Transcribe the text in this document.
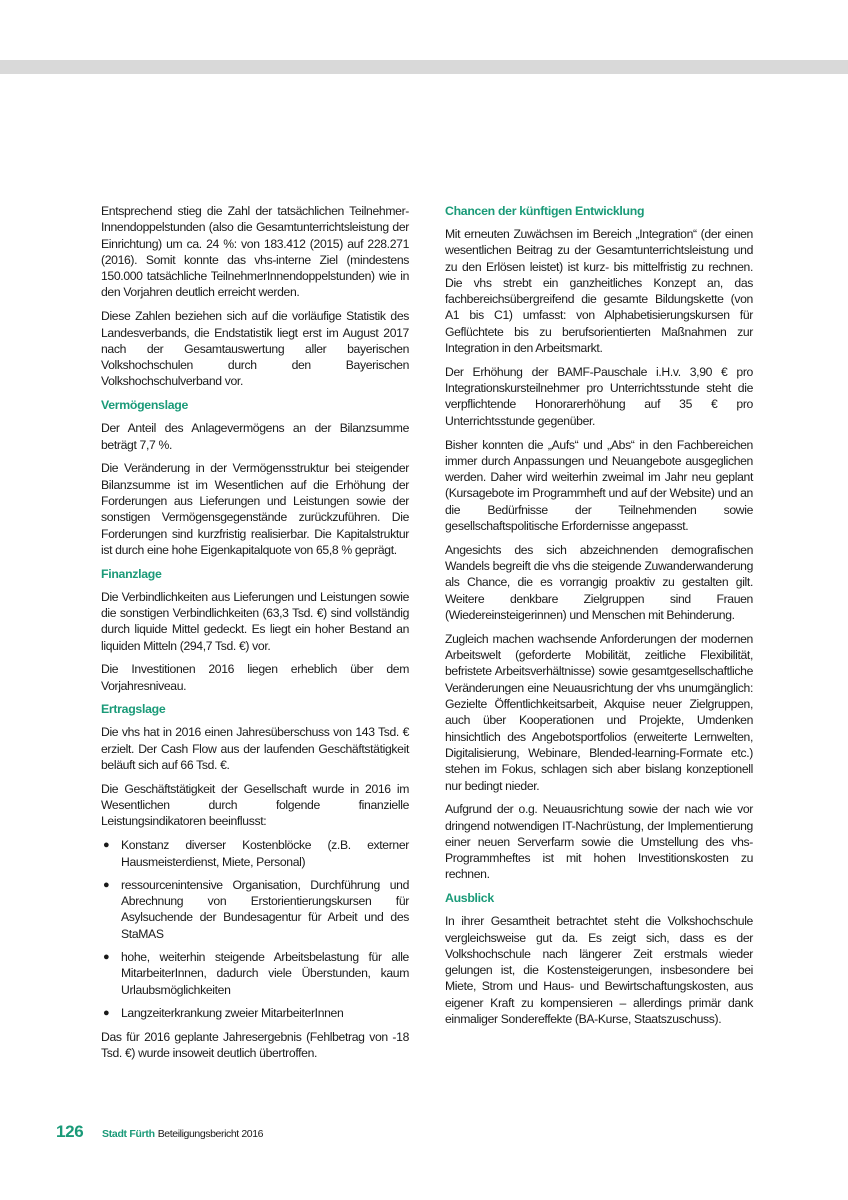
Entsprechend stieg die Zahl der tatsächlichen Teilnehmer-Innendoppelstunden (also die Gesamtunterrichtsleistung der Einrichtung) um ca. 24 %: von 183.412 (2015) auf 228.271 (2016). Somit konnte das vhs-interne Ziel (mindestens 150.000 tatsächliche TeilnehmerInnendoppelstunden) wie in den Vorjahren deutlich erreicht werden.

Diese Zahlen beziehen sich auf die vorläufige Statistik des Landesverbands, die Endstatistik liegt erst im August 2017 nach der Gesamtauswertung aller bayerischen Volkshochschulen durch den Bayerischen Volkshochschulverband vor.

Vermögenslage

Der Anteil des Anlagevermögens an der Bilanzsumme beträgt 7,7 %.

Die Veränderung in der Vermögensstruktur bei steigender Bilanzsumme ist im Wesentlichen auf die Erhöhung der Forderungen aus Lieferungen und Leistungen sowie der sonstigen Vermögensgegenstände zurückzuführen. Die Forderungen sind kurzfristig realisierbar. Die Kapitalstruktur ist durch eine hohe Eigenkapitalquote von 65,8 % geprägt.

Finanzlage

Die Verbindlichkeiten aus Lieferungen und Leistungen sowie die sonstigen Verbindlichkeiten (63,3 Tsd. €) sind vollständig durch liquide Mittel gedeckt. Es liegt ein hoher Bestand an liquiden Mitteln (294,7 Tsd. €) vor.

Die Investitionen 2016 liegen erheblich über dem Vorjahresniveau.

Ertragslage

Die vhs hat in 2016 einen Jahresüberschuss von 143 Tsd. € erzielt. Der Cash Flow aus der laufenden Geschäftstätigkeit beläuft sich auf 66 Tsd. €.

Die Geschäftstätigkeit der Gesellschaft wurde in 2016 im Wesentlichen durch folgende finanzielle Leistungsindikatoren beeinflusst:

● Konstanz diverser Kostenblöcke (z.B. externer Hausmeisterdienst, Miete, Personal)
● ressourcenintensive Organisation, Durchführung und Abrechnung von Erstorientierungskursen für Asylsuchende der Bundesagentur für Arbeit und des StaMAS
● hohe, weiterhin steigende Arbeitsbelastung für alle MitarbeiterInnen, dadurch viele Überstunden, kaum Urlaubsmöglichkeiten
● Langzeiterkrankung zweier MitarbeiterInnen

Das für 2016 geplante Jahresergebnis (Fehlbetrag von -18 Tsd. €) wurde insoweit deutlich übertroffen.

Chancen der künftigen Entwicklung

Mit erneuten Zuwächsen im Bereich „Integration“ (der einen wesentlichen Beitrag zu der Gesamtunterrichtsleistung und zu den Erlösen leistet) ist kurz- bis mittelfristig zu rechnen. Die vhs strebt ein ganzheitliches Konzept an, das fachbereichsübergreifend die gesamte Bildungskette (von A1 bis C1) umfasst: von Alphabetisierungskursen für Geflüchtete bis zu berufsorientierten Maßnahmen zur Integration in den Arbeitsmarkt.

Der Erhöhung der BAMF-Pauschale i.H.v. 3,90 € pro Integrationskursteilnehmer pro Unterrichtsstunde steht die verpflichtende Honorarerhöhung auf 35 € pro Unterrichtsstunde gegenüber.

Bisher konnten die „Aufs“ und „Abs“ in den Fachbereichen immer durch Anpassungen und Neuangebote ausgeglichen werden. Daher wird weiterhin zweimal im Jahr neu geplant (Kursagebote im Programmheft und auf der Website) und an die Bedürfnisse der Teilnehmenden sowie gesellschaftspolitische Erfordernisse angepasst.

Angesichts des sich abzeichnenden demografischen Wandels begreift die vhs die steigende Zuwanderwanderung als Chance, die es vorrangig proaktiv zu gestalten gilt. Weitere denkbare Zielgruppen sind Frauen (Wiedereinsteigerinnen) und Menschen mit Behinderung.

Zugleich machen wachsende Anforderungen der modernen Arbeitswelt (geforderte Mobilität, zeitliche Flexibilität, befristete Arbeitsverhältnisse) sowie gesamtgesellschaftliche Veränderungen eine Neuausrichtung der vhs unumgänglich: Gezielte Öffentlichkeitsarbeit, Akquise neuer Zielgruppen, auch über Kooperationen und Projekte, Umdenken hinsichtlich des Angebotsportfolios (erweiterte Lernwelten, Digitalisierung, Webinare, Blended-learning-Formate etc.) stehen im Fokus, schlagen sich aber bislang konzeptionell nur bedingt nieder.

Aufgrund der o.g. Neuausrichtung sowie der nach wie vor dringend notwendigen IT-Nachrüstung, der Implementierung einer neuen Serverfarm sowie die Umstellung des vhs-Programmheftes ist mit hohen Investitionskosten zu rechnen.

Ausblick

In ihrer Gesamtheit betrachtet steht die Volkshochschule vergleichsweise gut da. Es zeigt sich, dass es der Volkshochschule nach längerer Zeit erstmals wieder gelungen ist, die Kostensteigerungen, insbesondere bei Miete, Strom und Haus- und Bewirtschaftungskosten, aus eigener Kraft zu kompensieren – allerdings primär dank einmaliger Sondereffekte (BA-Kurse, Staatszuschuss).

126	Stadt Fürth Beteiligungsbericht 2016
